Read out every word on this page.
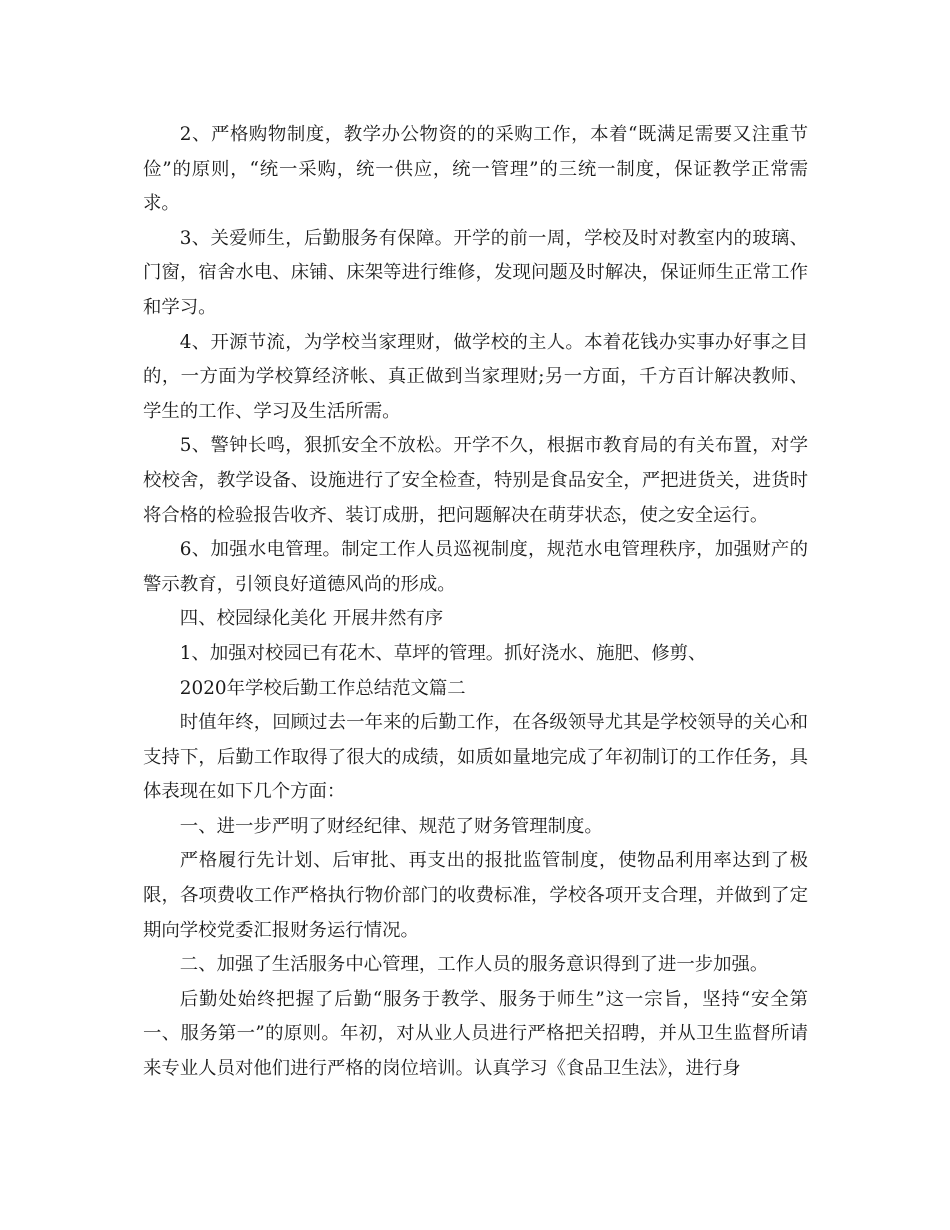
2、严格购物制度，教学办公物资的的采购工作，本着“既满足需要又注重节俭”的原则，“统一采购，统一供应，统一管理”的三统一制度，保证教学正常需求。

3、关爱师生，后勤服务有保障。开学的前一周，学校及时对教室内的玻璃、门窗，宿舍水电、床铺、床架等进行维修，发现问题及时解决，保证师生正常工作和学习。

4、开源节流，为学校当家理财，做学校的主人。本着花钱办实事办好事之目的，一方面为学校算经济帐、真正做到当家理财;另一方面，千方百计解决教师、学生的工作、学习及生活所需。

5、警钟长鸣，狠抓安全不放松。开学不久，根据市教育局的有关布置，对学校校舍，教学设备、设施进行了安全检查，特别是食品安全，严把进货关，进货时将合格的检验报告收齐、装订成册，把问题解决在萌芽状态，使之安全运行。

6、加强水电管理。制定工作人员巡视制度，规范水电管理秩序，加强财产的警示教育，引领良好道德风尚的形成。

四、校园绿化美化 开展井然有序

1、加强对校园已有花木、草坪的管理。抓好浇水、施肥、修剪、

2020年学校后勤工作总结范文篇二

时值年终，回顾过去一年来的后勤工作，在各级领导尤其是学校领导的关心和支持下，后勤工作取得了很大的成绩，如质如量地完成了年初制订的工作任务，具体表现在如下几个方面：

一、进一步严明了财经纪律、规范了财务管理制度。

严格履行先计划、后审批、再支出的报批监管制度，使物品利用率达到了极限，各项费收工作严格执行物价部门的收费标准，学校各项开支合理，并做到了定期向学校党委汇报财务运行情况。

二、加强了生活服务中心管理，工作人员的服务意识得到了进一步加强。

后勤处始终把握了后勤“服务于教学、服务于师生”这一宗旨，坚持“安全第一、服务第一”的原则。年初，对从业人员进行严格把关招聘，并从卫生监督所请来专业人员对他们进行严格的岗位培训。认真学习《食品卫生法》，进行身
